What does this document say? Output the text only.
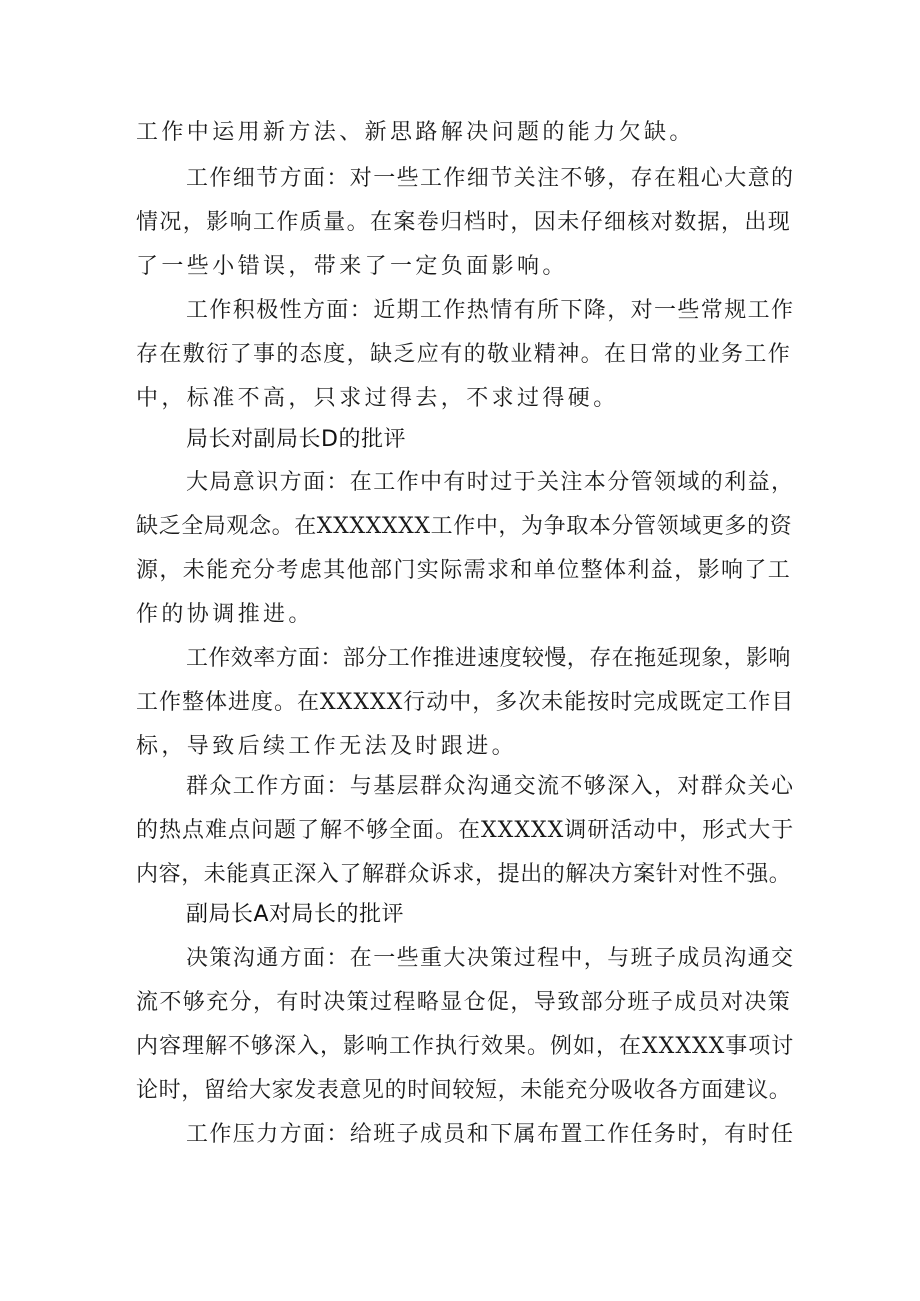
工作中运用新方法、新思路解决问题的能力欠缺。
工作细节方面：对一些工作细节关注不够，存在粗心大意的
情况，影响工作质量。在案卷归档时，因未仔细核对数据，出现
了一些小错误，带来了一定负面影响。
工作积极性方面：近期工作热情有所下降，对一些常规工作
存在敷衍了事的态度，缺乏应有的敬业精神。在日常的业务工作
中，标准不高，只求过得去，不求过得硬。
局长对副局长D的批评
大局意识方面：在工作中有时过于关注本分管领域的利益，
缺乏全局观念。在XXXXXXX工作中，为争取本分管领域更多的资
源，未能充分考虑其他部门实际需求和单位整体利益，影响了工
作的协调推进。
工作效率方面：部分工作推进速度较慢，存在拖延现象，影响
工作整体进度。在XXXXX行动中，多次未能按时完成既定工作目
标，导致后续工作无法及时跟进。
群众工作方面：与基层群众沟通交流不够深入，对群众关心
的热点难点问题了解不够全面。在XXXXX调研活动中，形式大于
内容，未能真正深入了解群众诉求，提出的解决方案针对性不强。
副局长A对局长的批评
决策沟通方面：在一些重大决策过程中，与班子成员沟通交
流不够充分，有时决策过程略显仓促，导致部分班子成员对决策
内容理解不够深入，影响工作执行效果。例如，在XXXXX事项讨
论时，留给大家发表意见的时间较短，未能充分吸收各方面建议。
工作压力方面：给班子成员和下属布置工作任务时，有时任
